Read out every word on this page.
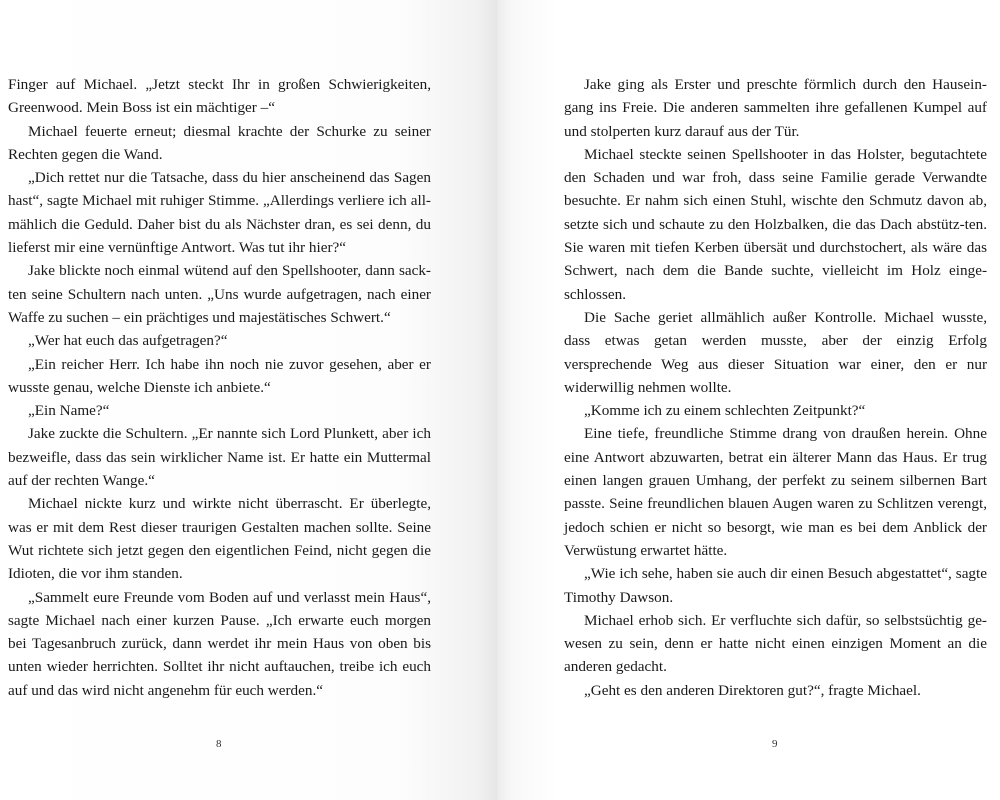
Finger auf Michael. „Jetzt steckt Ihr in großen Schwierigkeiten, Greenwood. Mein Boss ist ein mächtiger –“

Michael feuerte erneut; diesmal krachte der Schurke zu seiner Rechten gegen die Wand.

„Dich rettet nur die Tatsache, dass du hier anscheinend das Sagen hast“, sagte Michael mit ruhiger Stimme. „Allerdings verliere ich all-mählich die Geduld. Daher bist du als Nächster dran, es sei denn, du lieferst mir eine vernünftige Antwort. Was tut ihr hier?“

Jake blickte noch einmal wütend auf den Spellshooter, dann sack-ten seine Schultern nach unten. „Uns wurde aufgetragen, nach einer Waffe zu suchen – ein prächtiges und majestätisches Schwert.“

„Wer hat euch das aufgetragen?“

„Ein reicher Herr. Ich habe ihn noch nie zuvor gesehen, aber er wusste genau, welche Dienste ich anbiete.“

„Ein Name?“

Jake zuckte die Schultern. „Er nannte sich Lord Plunkett, aber ich bezweifle, dass das sein wirklicher Name ist. Er hatte ein Muttermal auf der rechten Wange.“

Michael nickte kurz und wirkte nicht überrascht. Er überlegte, was er mit dem Rest dieser traurigen Gestalten machen sollte. Seine Wut richtete sich jetzt gegen den eigentlichen Feind, nicht gegen die Idioten, die vor ihm standen.

„Sammelt eure Freunde vom Boden auf und verlasst mein Haus“, sagte Michael nach einer kurzen Pause. „Ich erwarte euch morgen bei Tagesanbruch zurück, dann werdet ihr mein Haus von oben bis unten wieder herrichten. Solltet ihr nicht auftauchen, treibe ich euch auf und das wird nicht angenehm für euch werden.“

8

Jake ging als Erster und preschte förmlich durch den Hausein-gang ins Freie. Die anderen sammelten ihre gefallenen Kumpel auf und stolperten kurz darauf aus der Tür.

Michael steckte seinen Spellshooter in das Holster, begutachtete den Schaden und war froh, dass seine Familie gerade Verwandte besuchte. Er nahm sich einen Stuhl, wischte den Schmutz davon ab, setzte sich und schaute zu den Holzbalken, die das Dach abstütz-ten. Sie waren mit tiefen Kerben übersät und durchstochert, als wäre das Schwert, nach dem die Bande suchte, vielleicht im Holz einge-schlossen.

Die Sache geriet allmählich außer Kontrolle. Michael wusste, dass etwas getan werden musste, aber der einzig Erfolg versprechende Weg aus dieser Situation war einer, den er nur widerwillig nehmen wollte.

„Komme ich zu einem schlechten Zeitpunkt?“

Eine tiefe, freundliche Stimme drang von draußen herein. Ohne eine Antwort abzuwarten, betrat ein älterer Mann das Haus. Er trug einen langen grauen Umhang, der perfekt zu seinem silbernen Bart passte. Seine freundlichen blauen Augen waren zu Schlitzen verengt, jedoch schien er nicht so besorgt, wie man es bei dem Anblick der Verwüstung erwartet hätte.

„Wie ich sehe, haben sie auch dir einen Besuch abgestattet“, sagte Timothy Dawson.

Michael erhob sich. Er verfluchte sich dafür, so selbstsüchtig ge-wesen zu sein, denn er hatte nicht einen einzigen Moment an die anderen gedacht.

„Geht es den anderen Direktoren gut?“, fragte Michael.

9
